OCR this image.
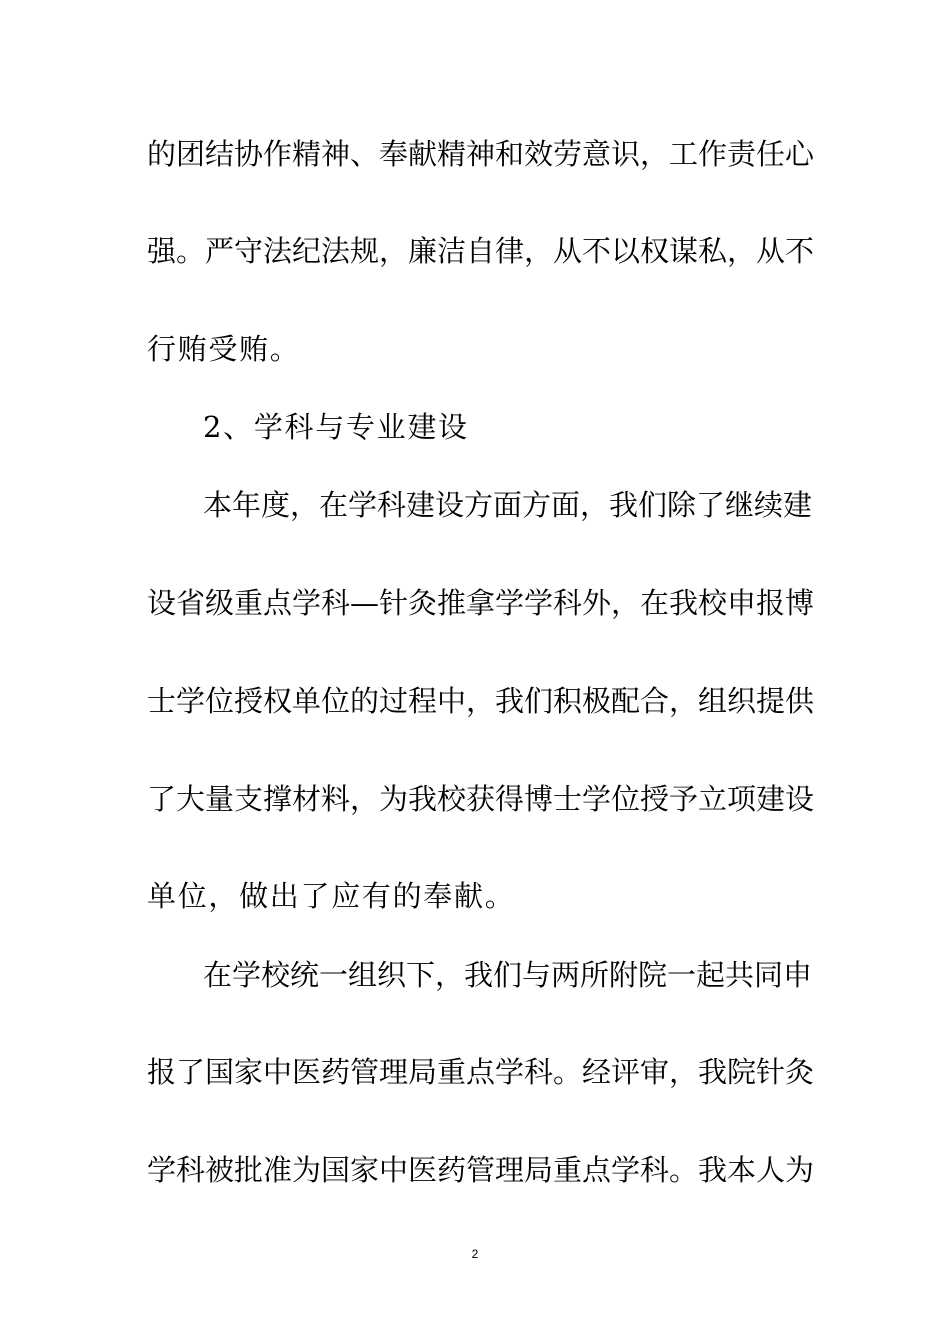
的团结协作精神、奉献精神和效劳意识，工作责任心
强。严守法纪法规，廉洁自律，从不以权谋私，从不
行贿受贿。
2、学科与专业建设
本年度，在学科建设方面方面，我们除了继续建
设省级重点学科—针灸推拿学学科外，在我校申报博
士学位授权单位的过程中，我们积极配合，组织提供
了大量支撑材料，为我校获得博士学位授予立项建设
单位，做出了应有的奉献。
在学校统一组织下，我们与两所附院一起共同申
报了国家中医药管理局重点学科。经评审，我院针灸
学科被批准为国家中医药管理局重点学科。我本人为
2
